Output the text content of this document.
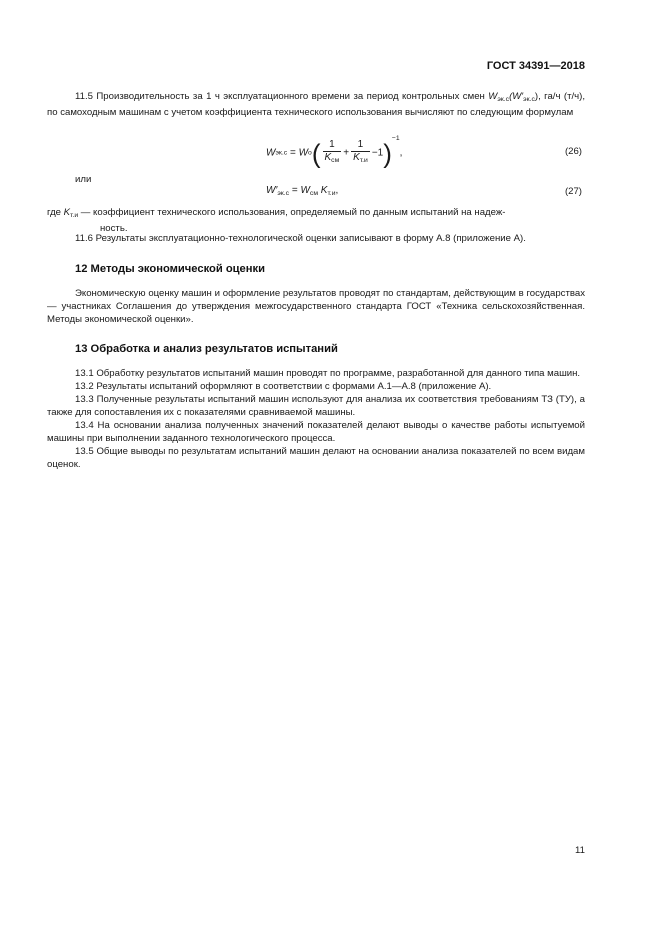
ГОСТ 34391—2018

11.5 Производительность за 1 ч эксплуатационного времени за период контрольных смен $W_{эк.с}(W'_{эк.с})$, га/ч (т/ч), по самоходным машинам с учетом коэффициента технического использования вычисляют по следующим формулам

$Wэк.с = Wо( \frac{1}{K_{см}} + \frac{1}{K_{т.и}} -1)^{-1}$,	(26)
или
$W'_{эк.с} = W_{см}$ $K_{т.и}$,	(27)
где $K_{т.и}$ — коэффициент технического использования, определяемый по данным испытаний на надеж-
ность.

11.6 Результаты эксплуатационно-технологической оценки записывают в форму А.8 (приложение А).

12 Методы экономической оценки

Экономическую оценку машин и оформление результатов проводят по стандартам, действующим в государствах — участниках Соглашения до утверждения межгосударственного стандарта ГОСТ «Техника сельскохозяйственная. Методы экономической оценки».

13 Обработка и анализ результатов испытаний

13.1 Обработку результатов испытаний машин проводят по программе, разработанной для данного типа машин.

13.2 Результаты испытаний оформляют в соответствии с формами А.1—А.8 (приложение А).

13.3 Полученные результаты испытаний машин используют для анализа их соответствия требованиям ТЗ (ТУ), а также для сопоставления их с показателями сравниваемой машины.

13.4 На основании анализа полученных значений показателей делают выводы о качестве работы испытуемой машины при выполнении заданного технологического процесса.

13.5 Общие выводы по результатам испытаний машин делают на основании анализа показателей по всем видам оценок.

11
